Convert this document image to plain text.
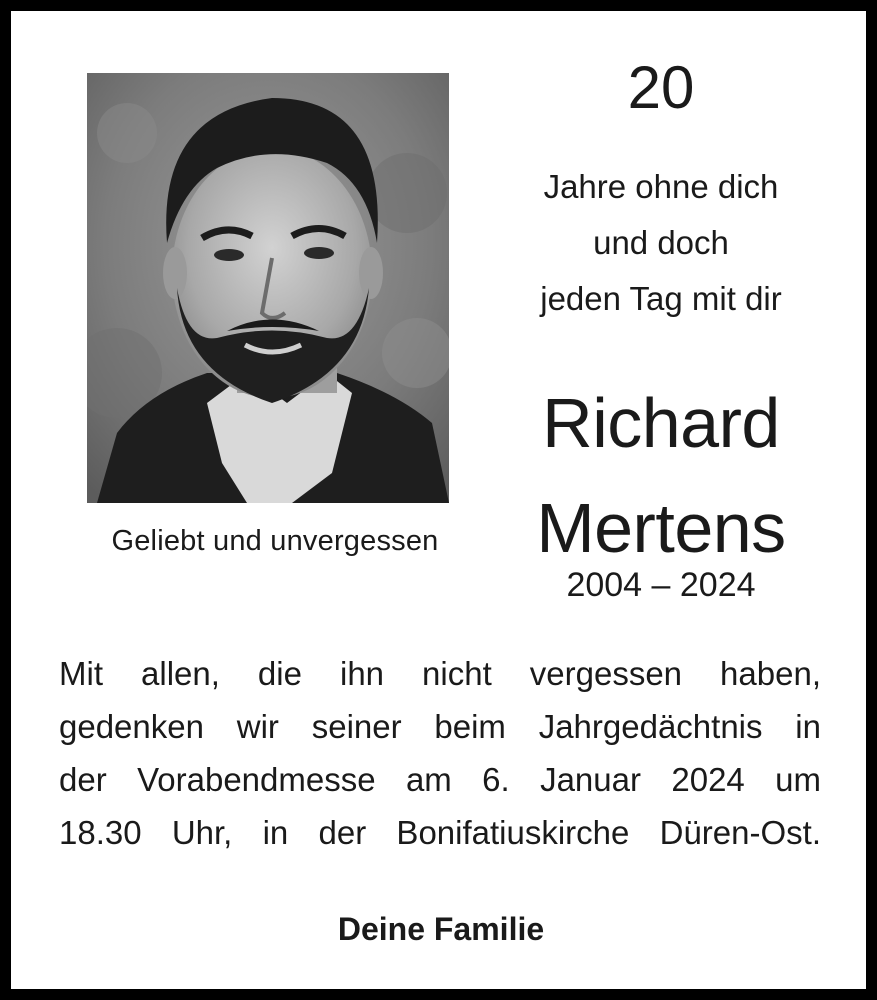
Geliebt und unvergessen
20
Jahre ohne dich
und doch
jeden Tag mit dir
Richard
Mertens
2004 – 2024
Mit allen, die ihn nicht vergessen haben,
gedenken wir seiner beim Jahrgedächtnis in
der Vorabendmesse am 6. Januar 2024 um
18.30 Uhr, in der Bonifatiuskirche Düren-Ost.
Deine Familie
